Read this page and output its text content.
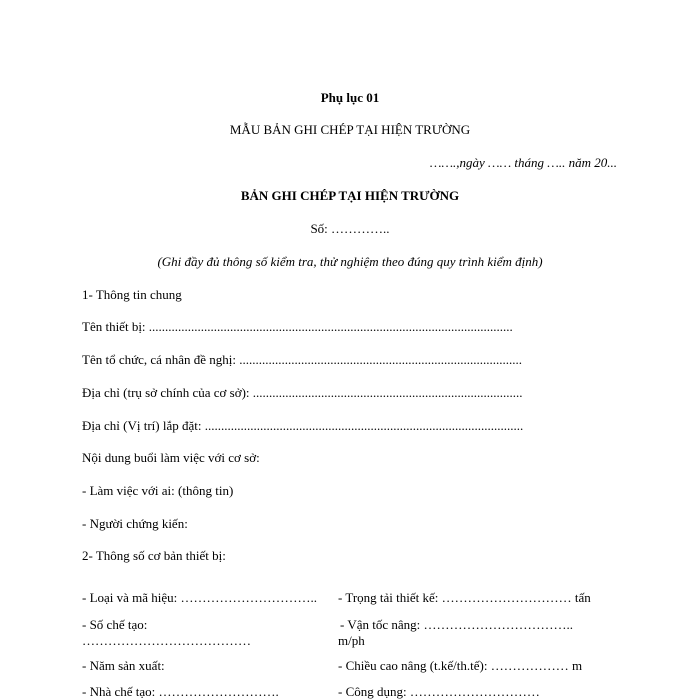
Phụ lục 01
MẪU BẢN GHI CHÉP TẠI HIỆN TRƯỜNG
…….,ngày …… tháng ….. năm 20...
BẢN GHI CHÉP TẠI HIỆN TRƯỜNG
Số: …………..
(Ghi đầy đủ thông số kiểm tra, thử nghiệm theo đúng quy trình kiểm định)
1- Thông tin chung
Tên thiết bị: ................................................................................................................
Tên tổ chức, cá nhân đề nghị: .......................................................................................
Địa chỉ (trụ sở chính của cơ sở): ...................................................................................
Địa chỉ (Vị trí) lắp đặt: ..................................................................................................
Nội dung buổi làm việc với cơ sở:
- Làm việc với ai: (thông tin)
- Người chứng kiến:
2- Thông số cơ bản thiết bị:
- Loại và mã hiệu: ………………………….. - Trọng tải thiết kế: ………………………… tấn
- Số chế tạo:	- Vận tốc nâng: ……………………………..
…………………………………	m/ph
- Năm sản xuất:	- Chiều cao nâng (t.kế/th.tế): ……………… m
- Nhà chế tạo: ……………………….	- Công dụng: …………………………
